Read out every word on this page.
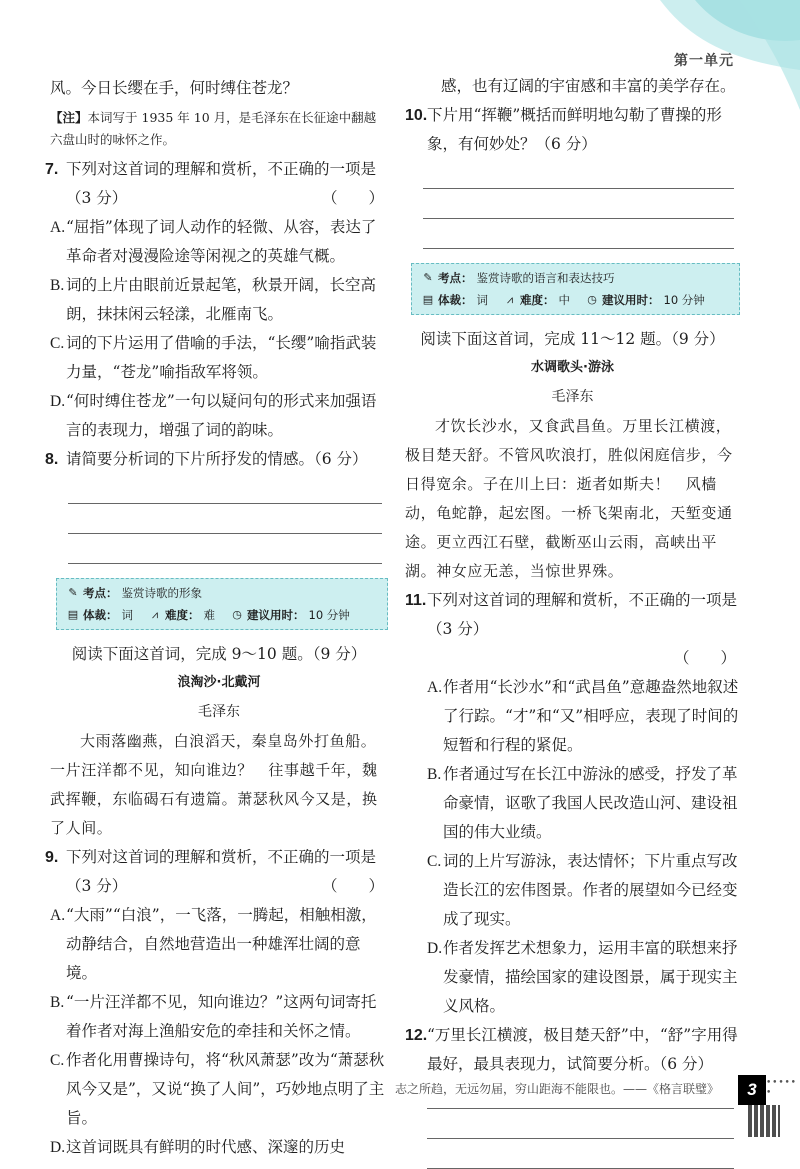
第一单元

风。今日长缨在手，何时缚住苍龙？

【注】本词写于 1935 年 10 月，是毛泽东在长征途中翻越六盘山时的咏怀之作。
7. 下列对这首词的理解和赏析，不正确的一项是
（3 分）	（　　）
A. “屈指”体现了词人动作的轻微、从容，表达了革命者对漫漫险途等闲视之的英雄气概。
B. 词的上片由眼前近景起笔，秋景开阔，长空高朗，抹抹闲云轻漾，北雁南飞。
C. 词的下片运用了借喻的手法，“长缨”喻指武装力量，“苍龙”喻指敌军将领。
D. “何时缚住苍龙”一句以疑问句的形式来加强语言的表现力，增强了词的韵味。
8. 请简要分析词的下片所抒发的情感。（6 分）
✎ 考点： 鉴赏诗歌的形象
▤ 体裁： 词 ⩘ 难度： 难 ◷ 建议用时： 10 分钟
阅读下面这首词，完成 9～10 题。（9 分）
浪淘沙·北戴河
毛泽东

大雨落幽燕，白浪滔天，秦皇岛外打鱼船。一片汪洋都不见，知向谁边？　往事越千年，魏武挥鞭，东临碣石有遗篇。萧瑟秋风今又是，换了人间。

9. 下列对这首词的理解和赏析，不正确的一项是
（3 分）	（　　）
A. “大雨”“白浪”，一飞落，一腾起，相触相激，动静结合，自然地营造出一种雄浑壮阔的意境。
B. “一片汪洋都不见，知向谁边？”这两句词寄托着作者对海上渔船安危的牵挂和关怀之情。
C. 作者化用曹操诗句，将“秋风萧瑟”改为“萧瑟秋风今又是”，又说“换了人间”，巧妙地点明了主旨。
D. 这首词既具有鲜明的时代感、深邃的历史

感，也有辽阔的宇宙感和丰富的美学存在。

10. 下片用“挥鞭”概括而鲜明地勾勒了曹操的形象，有何妙处？（6 分）
✎ 考点： 鉴赏诗歌的语言和表达技巧
▤ 体裁： 词 ⩘ 难度： 中 ◷ 建议用时： 10 分钟
阅读下面这首词，完成 11～12 题。（9 分）
水调歌头·游泳
毛泽东

才饮长沙水，又食武昌鱼。万里长江横渡，极目楚天舒。不管风吹浪打，胜似闲庭信步，今日得宽余。子在川上曰：逝者如斯夫！　风樯动，龟蛇静，起宏图。一桥飞架南北，天堑变通途。更立西江石壁，截断巫山云雨，高峡出平湖。神女应无恙，当惊世界殊。

11. 下列对这首词的理解和赏析，不正确的一项是（3 分）
（　　）
A. 作者用“长沙水”和“武昌鱼”意趣盎然地叙述了行踪。“才”和“又”相呼应，表现了时间的短暂和行程的紧促。
B. 作者通过写在长江中游泳的感受，抒发了革命豪情，讴歌了我国人民改造山河、建设祖国的伟大业绩。
C. 词的上片写游泳，表达情怀；下片重点写改造长江的宏伟图景。作者的展望如今已经变成了现实。
D. 作者发挥艺术想象力，运用丰富的联想来抒发豪情，描绘国家的建设图景，属于现实主义风格。
12. “万里长江横渡，极目楚天舒”中，“舒”字用得最好，最具表现力，试简要分析。（6 分）
志之所趋，无远勿届，穷山距海不能限也。——《格言联璧》	3	• • • • • •
